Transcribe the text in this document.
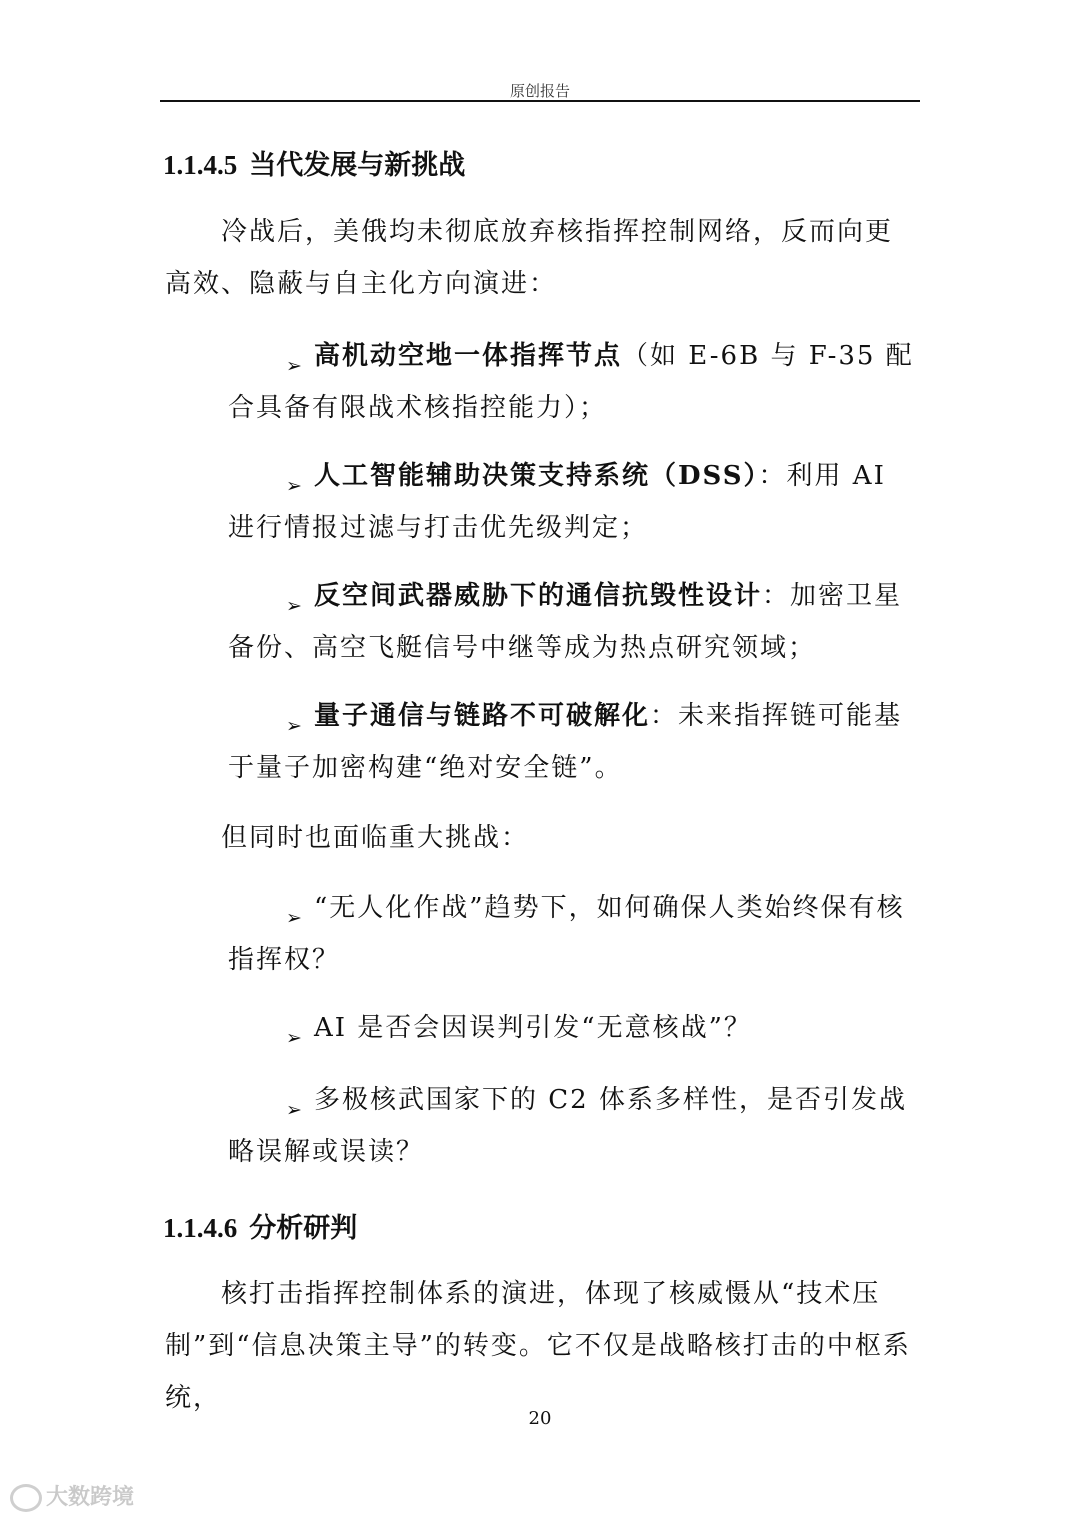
原创报告
1.1.4.5 当代发展与新挑战

冷战后，美俄均未彻底放弃核指挥控制网络，反而向更高效、隐蔽与自主化方向演进：

➢ 高机动空地一体指挥节点（如 E-6B 与 F-35 配合具备有限战术核指控能力）；

➢ 人工智能辅助决策支持系统（DSS）：利用 AI 进行情报过滤与打击优先级判定；

➢ 反空间武器威胁下的通信抗毁性设计：加密卫星备份、高空飞艇信号中继等成为热点研究领域；

➢ 量子通信与链路不可破解化：未来指挥链可能基于量子加密构建“绝对安全链”。

但同时也面临重大挑战：

➢ “无人化作战”趋势下，如何确保人类始终保有核指挥权？

➢ AI 是否会因误判引发“无意核战”？

➢ 多极核武国家下的 C2 体系多样性，是否引发战略误解或误读？

1.1.4.6 分析研判

核打击指挥控制体系的演进，体现了核威慑从“技术压制”到“信息决策主导”的转变。它不仅是战略核打击的中枢系统，

20
大数跨境
